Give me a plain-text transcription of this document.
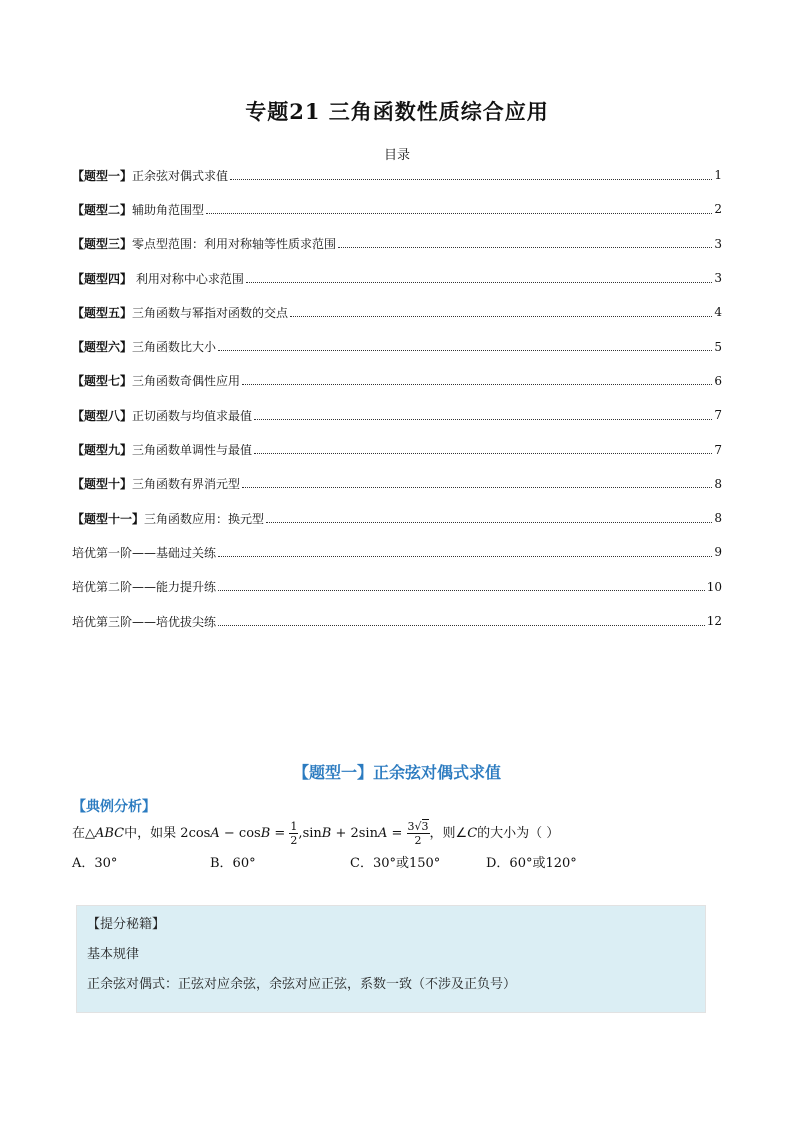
专题21 三角函数性质综合应用
目录
【题型一】正余弦对偶式求值	1
【题型二】辅助角范围型	2
【题型三】零点型范围：利用对称轴等性质求范围	3
【题型四】 利用对称中心求范围	3
【题型五】三角函数与幂指对函数的交点	4
【题型六】三角函数比大小	5
【题型七】三角函数奇偶性应用	6
【题型八】正切函数与均值求最值	7
【题型九】三角函数单调性与最值	7
【题型十】三角函数有界消元型	8
【题型十一】三角函数应用：换元型	8
培优第一阶——基础过关练	9
培优第二阶——能力提升练	10
培优第三阶——培优拔尖练	12
【题型一】正余弦对偶式求值
【典例分析】
在△ABC中，如果 $2\cos A - \cos B = \frac{1}{2} ,\sin B + 2\sin A = \frac{3√3}{2}$ ，则∠C的大小为（ ）
A．30°	B．60°	C．30°或150°	D．60°或120°
【提分秘籍】
基本规律
正余弦对偶式：正弦对应余弦，余弦对应正弦，系数一致（不涉及正负号）
